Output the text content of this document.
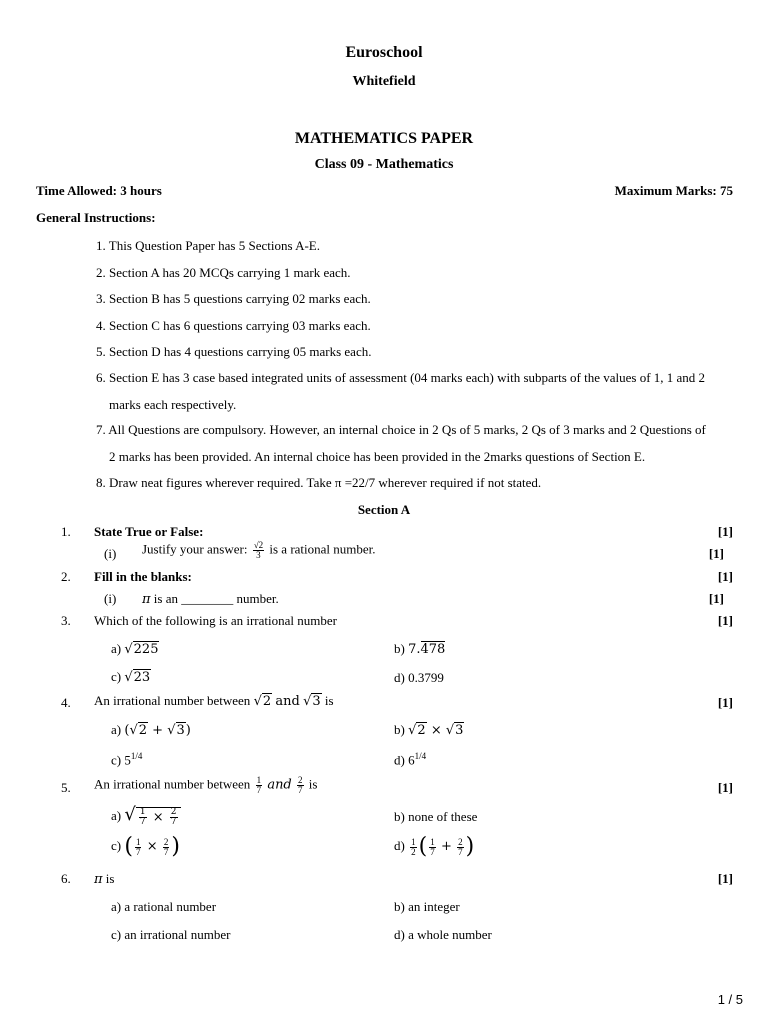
Euroschool
Whitefield
MATHEMATICS PAPER
Class 09 - Mathematics
Time Allowed: 3 hours	Maximum Marks: 75
General Instructions:
1. This Question Paper has 5 Sections A-E.
2. Section A has 20 MCQs carrying 1 mark each.
3. Section B has 5 questions carrying 02 marks each.
4. Section C has 6 questions carrying 03 marks each.
5. Section D has 4 questions carrying 05 marks each.
6. Section E has 3 case based integrated units of assessment (04 marks each) with subparts of the values of 1, 1 and 2
marks each respectively.
7. All Questions are compulsory. However, an internal choice in 2 Qs of 5 marks, 2 Qs of 3 marks and 2 Questions of
2 marks has been provided. An internal choice has been provided in the 2marks questions of Section E.
8. Draw neat figures wherever required. Take π =22/7 wherever required if not stated.
Section A
1. State True or False:	[1]
(i) Justify your answer: $\frac{√2}{3}$ is a rational number.	[1]
2. Fill in the blanks:	[1]
(i) π is an ________ number.	[1]
3. Which of the following is an irrational number	[1]
a) √225	b) 7.478
c) √23	d) 0.3799
4. An irrational number between √2 and √3 is	[1]
a) (√2 + √3)	b) √2 × √3
c) $5^{1/4}$	d) $6^{1/4}$
5. An irrational number between $\frac{1}{7}$ and $\frac{2}{7}$ is	[1]
a) √ $\frac{1}{7} \times \frac{2}{7}$	b) none of these
c) ( $\frac{1}{7} \times \frac{2}{7}$ )	$d) \frac{1}{2}$ ( $\frac{1}{7} + \frac{2}{7}$ )
6. π is	[1]
a) a rational number	b) an integer
c) an irrational number	d) a whole number
1 / 5
